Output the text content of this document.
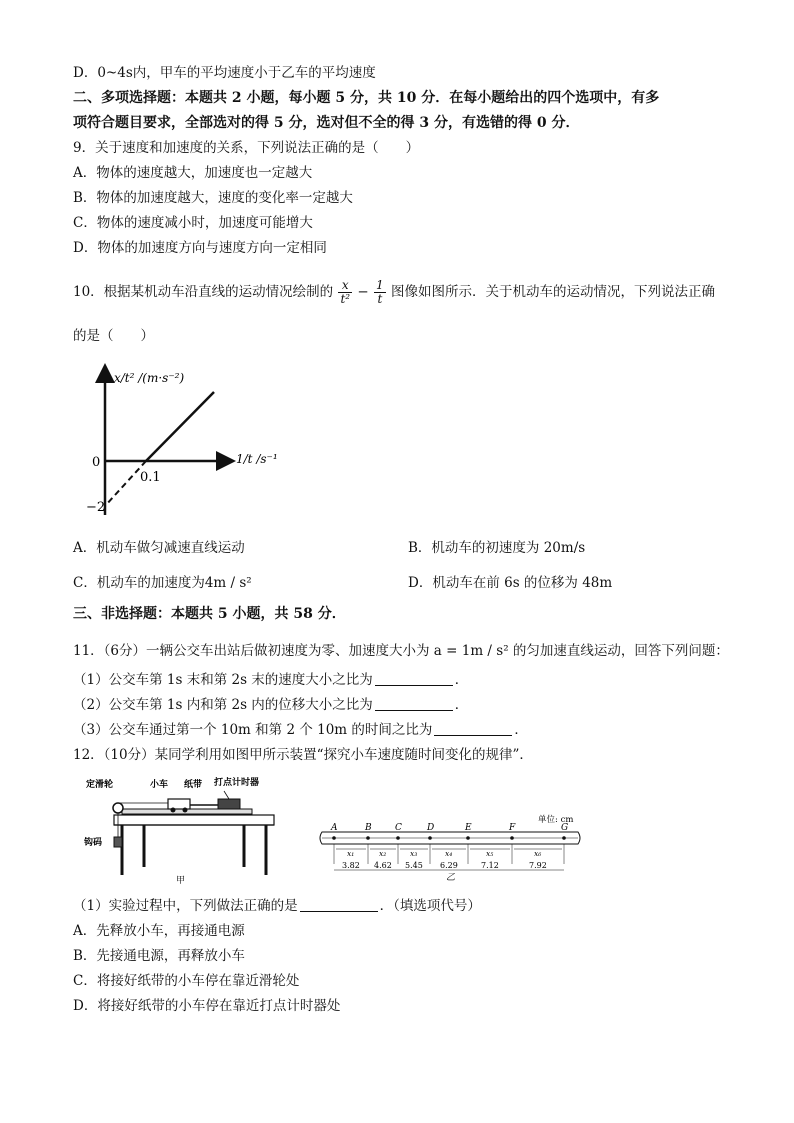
D．0~4s内，甲车的平均速度小于乙车的平均速度
二、多项选择题：本题共 2 小题，每小题 5 分，共 10 分．在每小题给出的四个选项中，有多
项符合题目要求，全部选对的得 5 分，选对但不全的得 3 分，有选错的得 0 分．
9．关于速度和加速度的关系，下列说法正确的是（　　）
A．物体的速度越大，加速度也一定越大
B．物体的加速度越大，速度的变化率一定越大
C．物体的速度减小时，加速度可能增大
D．物体的加速度方向与速度方向一定相同
10．根据某机动车沿直线的运动情况绘制的 $\frac{x}{\text{t²}} - \frac{1}{t}$ 图像如图所示．关于机动车的运动情况，下列说法正确
的是（　　）
x/t² /(m·s⁻²)
1/t /s⁻¹
0
0.1
−2
A．机动车做匀减速直线运动	B．机动车的初速度为 20m/s
C．机动车的加速度为4m / s²	D．机动车在前 6s 的位移为 48m
三、非选择题：本题共 5 小题，共 58 分．
11．（6分）一辆公交车出站后做初速度为零、加速度大小为 a = 1m / s² 的匀加速直线运动，回答下列问题：
（1）公交车第 1s 末和第 2s 末的速度大小之比为	．
（2）公交车第 1s 内和第 2s 内的位移大小之比为	．
（3）公交车通过第一个 10m 和第 2 个 10m 的时间之比为	．
12．（10分）某同学利用如图甲所示装置“探究小车速度随时间变化的规律”．
定滑轮	小车 纸带 打点计时器
钩码
甲
单位: cm
A	B	C	D	E	F	G
x₁
3.82
x₂
4.62
x₃
5.45
x₄
6.29
x₅
7.12
x₆
7.92
乙
（1）实验过程中，下列做法正确的是	．（填选项代号）
A．先释放小车，再接通电源
B．先接通电源，再释放小车
C．将接好纸带的小车停在靠近滑轮处
D．将接好纸带的小车停在靠近打点计时器处
